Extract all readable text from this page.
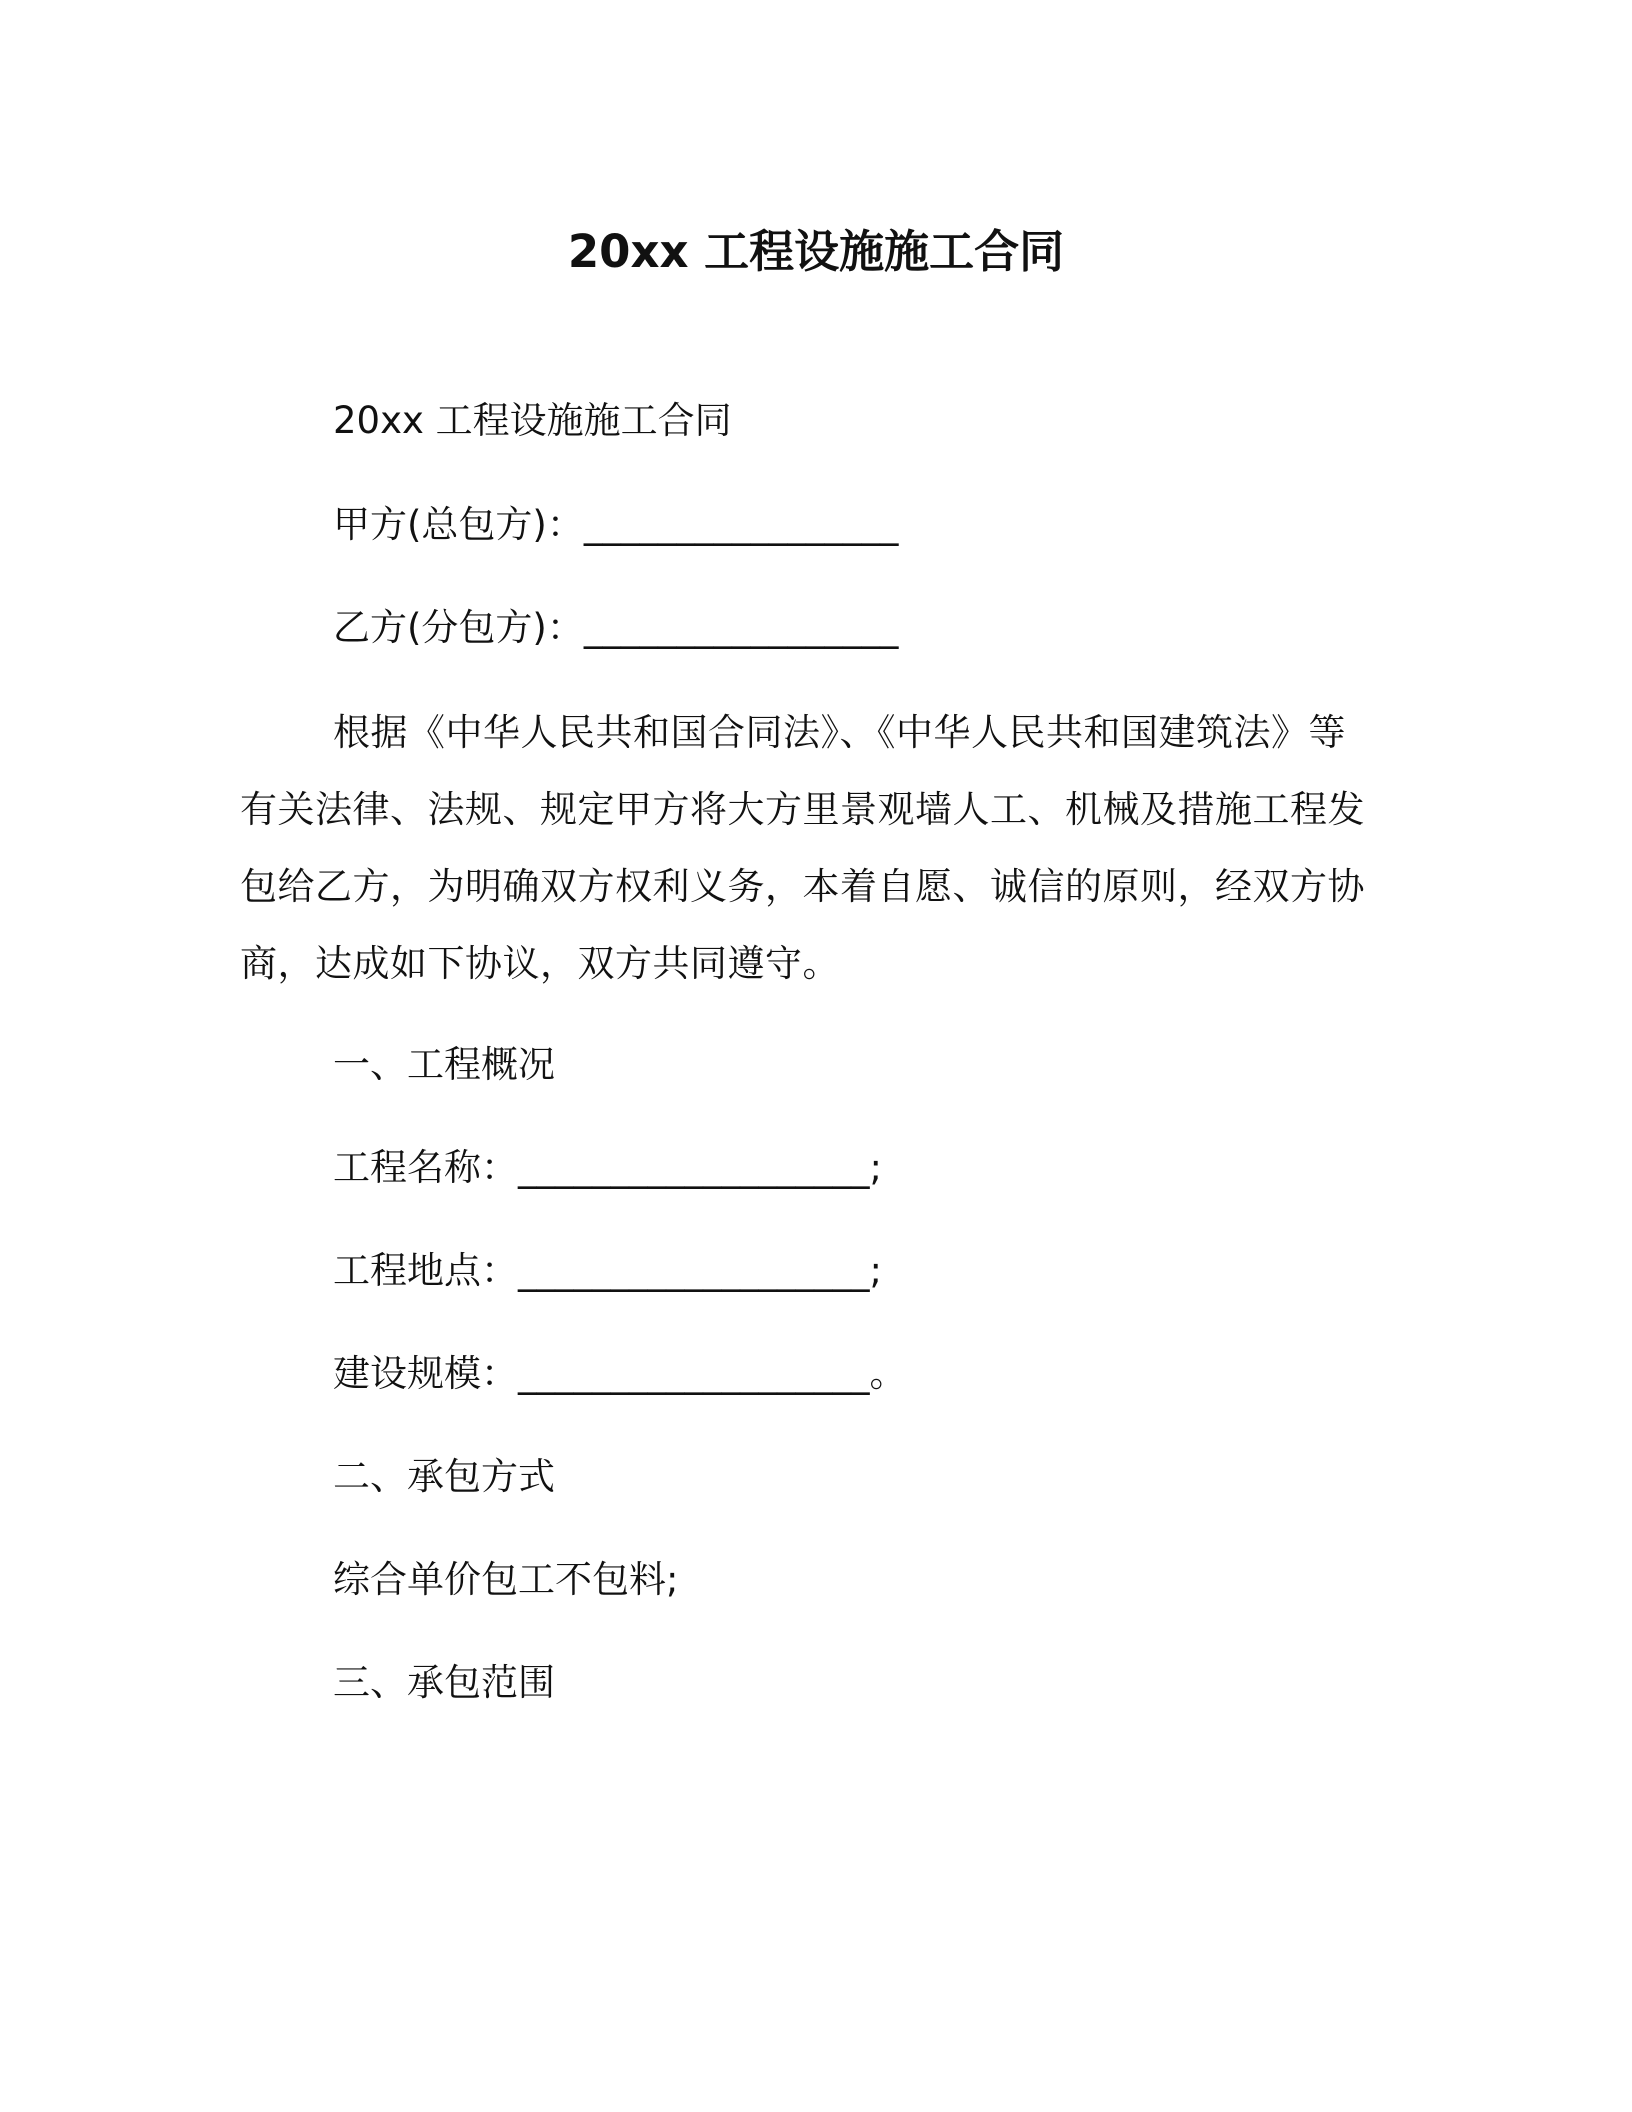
20xx 工程设施施工合同
20xx 工程设施施工合同
甲方(总包方)：_________________
乙方(分包方)：_________________
根据《中华人民共和国合同法》、《中华人民共和国建筑法》等有关法律、法规、规定甲方将大方里景观墙人工、机械及措施工程发包给乙方，为明确双方权利义务，本着自愿、诚信的原则，经双方协商，达成如下协议，双方共同遵守。
一、工程概况
工程名称：___________________;
工程地点：___________________;
建设规模：___________________。
二、承包方式
综合单价包工不包料;
三、承包范围
